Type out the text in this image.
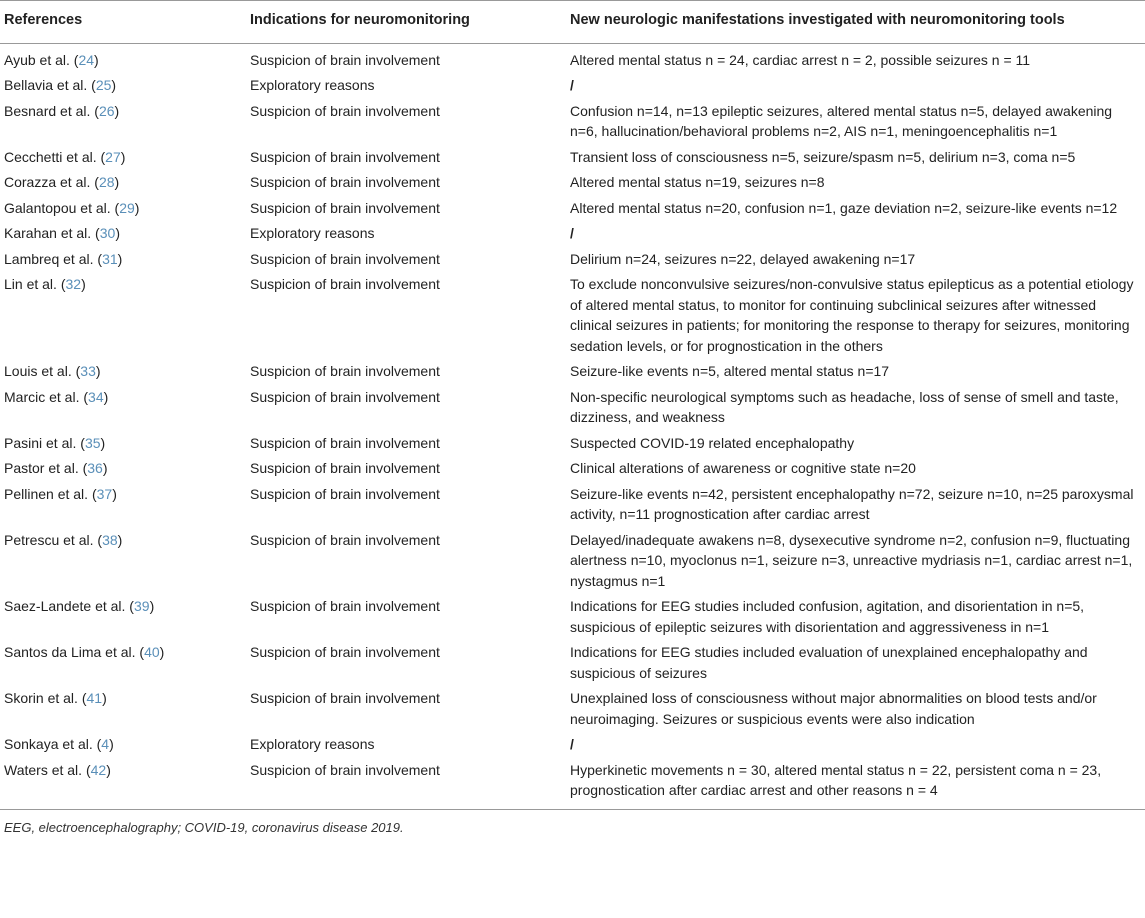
References	Indications for neuromonitoring	New neurologic manifestations investigated with neuromonitoring tools
Ayub et al. (24)	Suspicion of brain involvement	Altered mental status n = 24, cardiac arrest n = 2, possible seizures n = 11
Bellavia et al. (25)	Exploratory reasons	/
Besnard et al. (26)	Suspicion of brain involvement	Confusion n=14, n=13 epileptic seizures, altered mental status n=5, delayed awakening n=6, hallucination/behavioral problems n=2, AIS n=1, meningoencephalitis n=1
Cecchetti et al. (27)	Suspicion of brain involvement	Transient loss of consciousness n=5, seizure/spasm n=5, delirium n=3, coma n=5
Corazza et al. (28)	Suspicion of brain involvement	Altered mental status n=19, seizures n=8
Galantopou et al. (29)	Suspicion of brain involvement	Altered mental status n=20, confusion n=1, gaze deviation n=2, seizure-like events n=12
Karahan et al. (30)	Exploratory reasons	/
Lambreq et al. (31)	Suspicion of brain involvement	Delirium n=24, seizures n=22, delayed awakening n=17
Lin et al. (32)	Suspicion of brain involvement	To exclude nonconvulsive seizures/non-convulsive status epilepticus as a potential etiology of altered mental status, to monitor for continuing subclinical seizures after witnessed clinical seizures in patients; for monitoring the response to therapy for seizures, monitoring sedation levels, or for prognostication in the others
Louis et al. (33)	Suspicion of brain involvement	Seizure-like events n=5, altered mental status n=17
Marcic et al. (34)	Suspicion of brain involvement	Non-specific neurological symptoms such as headache, loss of sense of smell and taste, dizziness, and weakness
Pasini et al. (35)	Suspicion of brain involvement	Suspected COVID-19 related encephalopathy
Pastor et al. (36)	Suspicion of brain involvement	Clinical alterations of awareness or cognitive state n=20
Pellinen et al. (37)	Suspicion of brain involvement	Seizure-like events n=42, persistent encephalopathy n=72, seizure n=10, n=25 paroxysmal activity, n=11 prognostication after cardiac arrest
Petrescu et al. (38)	Suspicion of brain involvement	Delayed/inadequate awakens n=8, dysexecutive syndrome n=2, confusion n=9, fluctuating alertness n=10, myoclonus n=1, seizure n=3, unreactive mydriasis n=1, cardiac arrest n=1, nystagmus n=1
Saez-Landete et al. (39)	Suspicion of brain involvement	Indications for EEG studies included confusion, agitation, and disorientation in n=5, suspicious of epileptic seizures with disorientation and aggressiveness in n=1
Santos da Lima et al. (40)	Suspicion of brain involvement	Indications for EEG studies included evaluation of unexplained encephalopathy and suspicious of seizures
Skorin et al. (41)	Suspicion of brain involvement	Unexplained loss of consciousness without major abnormalities on blood tests and/or neuroimaging. Seizures or suspicious events were also indication
Sonkaya et al. (4)	Exploratory reasons	/
Waters et al. (42)	Suspicion of brain involvement	Hyperkinetic movements n = 30, altered mental status n = 22, persistent coma n = 23, prognostication after cardiac arrest and other reasons n = 4
EEG, electroencephalography; COVID-19, coronavirus disease 2019.
